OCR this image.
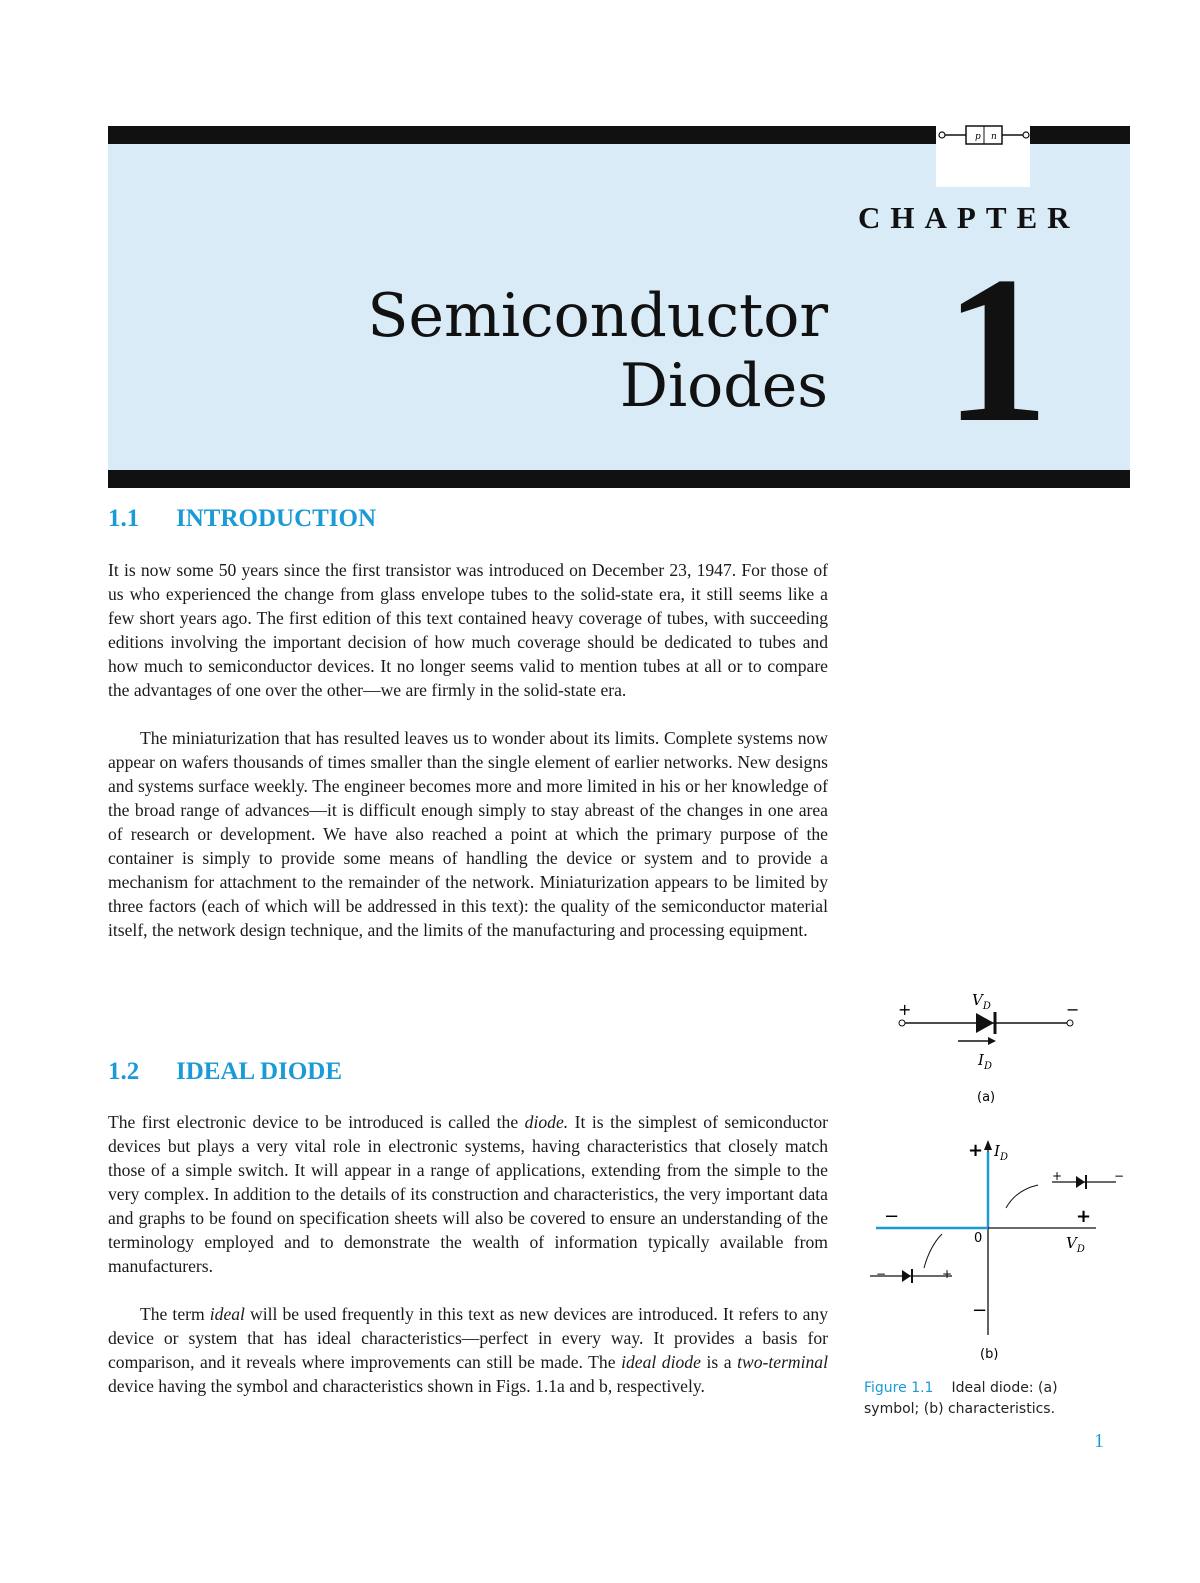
p n
CHAPTER
Semiconductor
Diodes 1
1.1 INTRODUCTION

It is now some 50 years since the first transistor was introduced on December 23, 1947. For those of us who experienced the change from glass envelope tubes to the solid-state era, it still seems like a few short years ago. The first edition of this text contained heavy coverage of tubes, with succeeding editions involving the important decision of how much coverage should be dedicated to tubes and how much to semiconductor devices. It no longer seems valid to mention tubes at all or to compare the advantages of one over the other—we are firmly in the solid-state era.

The miniaturization that has resulted leaves us to wonder about its limits. Complete systems now appear on wafers thousands of times smaller than the single element of earlier networks. New designs and systems surface weekly. The engineer becomes more and more limited in his or her knowledge of the broad range of advances—it is difficult enough simply to stay abreast of the changes in one area of research or development. We have also reached a point at which the primary purpose of the container is simply to provide some means of handling the device or system and to provide a mechanism for attachment to the remainder of the network. Miniaturization appears to be limited by three factors (each of which will be addressed in this text): the quality of the semiconductor material itself, the network design technique, and the limits of the manufacturing and processing equipment.

1.2 IDEAL DIODE

The first electronic device to be introduced is called the diode. It is the simplest of semiconductor devices but plays a very vital role in electronic systems, having characteristics that closely match those of a simple switch. It will appear in a range of applications, extending from the simple to the very complex. In addition to the details of its construction and characteristics, the very important data and graphs to be found on specification sheets will also be covered to ensure an understanding of the terminology employed and to demonstrate the wealth of information typically available from manufacturers.

The term ideal will be used frequently in this text as new devices are introduced. It refers to any device or system that has ideal characteristics—perfect in every way. It provides a basis for comparison, and it reveals where improvements can still be made. The ideal diode is a two-terminal device having the symbol and characteristics shown in Figs. 1.1a and b, respectively.

$V_D$
+	−
$I_D$
(a)
+ $I_D$
−	+
0	$V_D$
−
+	−
−	+
(b)
Figure 1.1 Ideal diode: (a) symbol; (b) characteristics.
1
